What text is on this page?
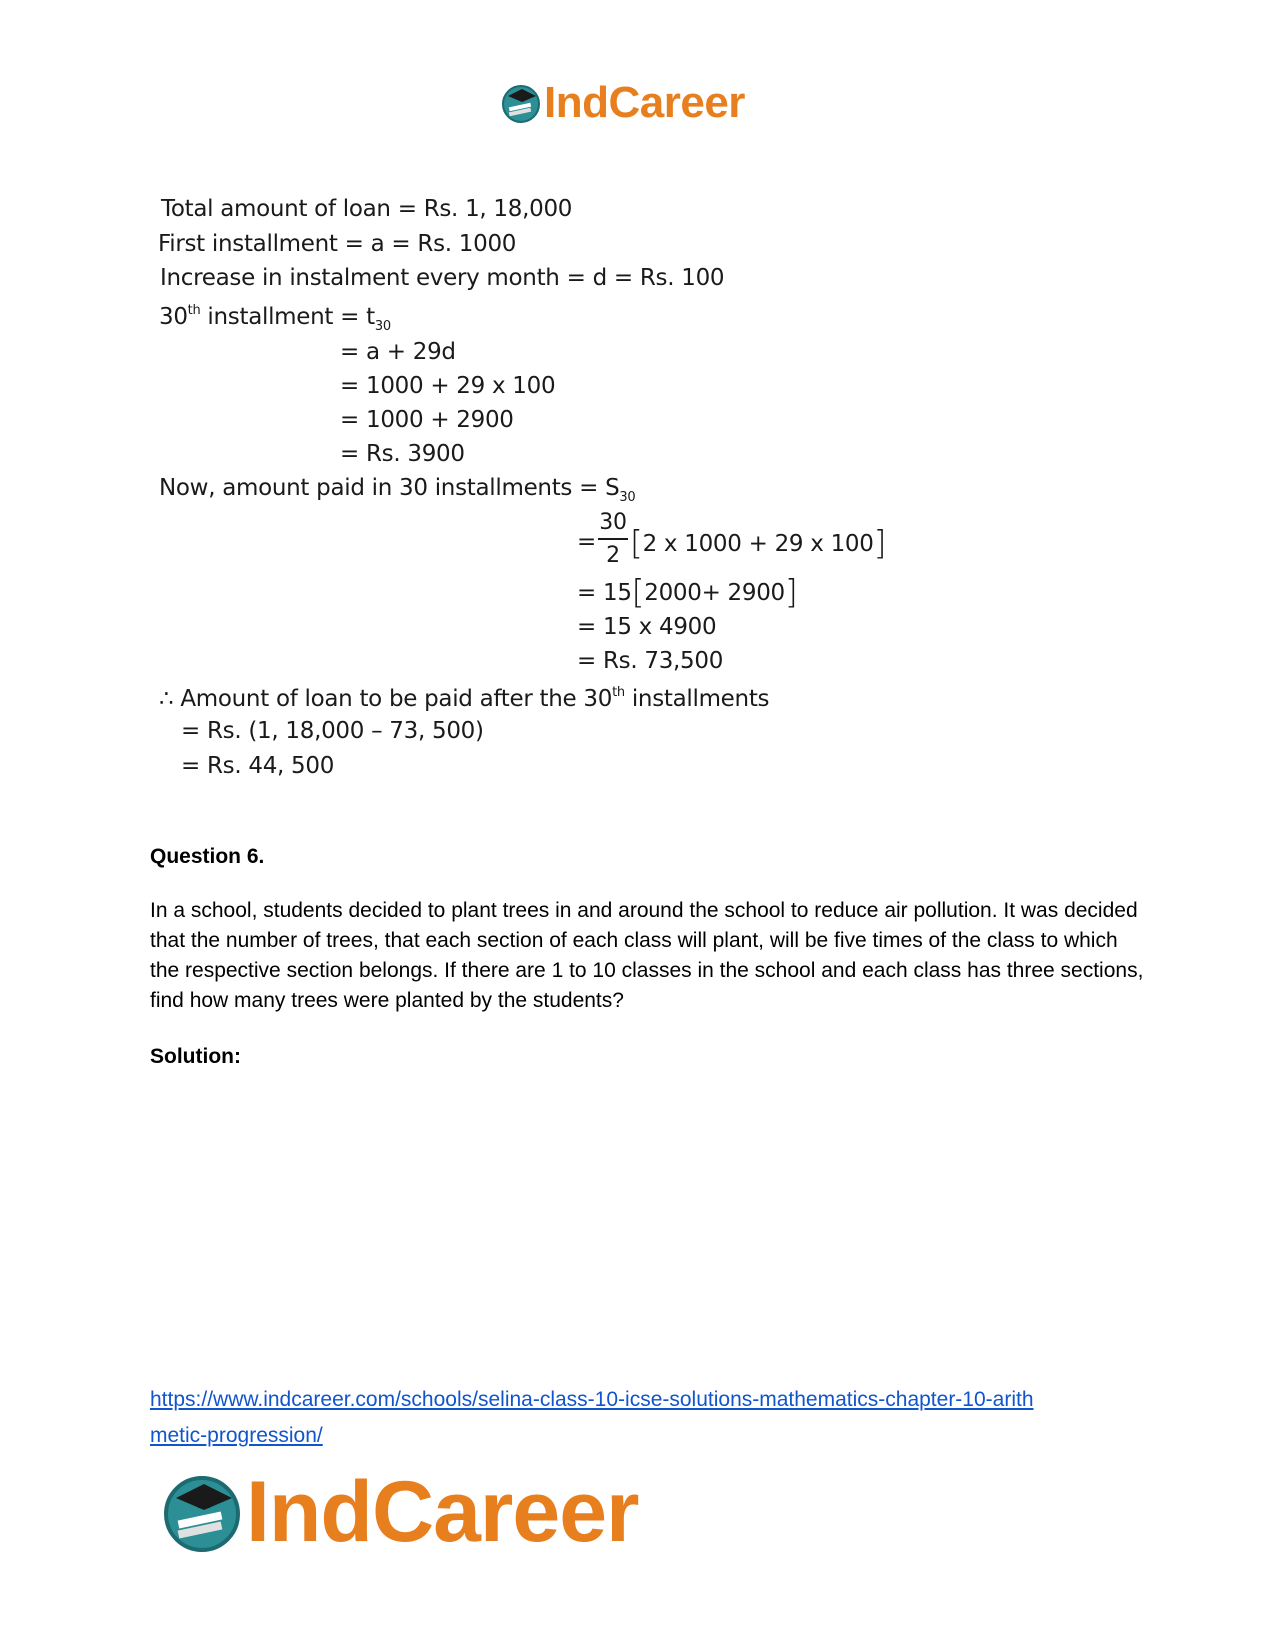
IndCareer
Total amount of loan = Rs. 1, 18,000
First installment = a = Rs. 1000
Increase in instalment every month = d = Rs. 100
30th installment = $t_{30}$
= a + 29d
= 1000 + 29 x 100
= 1000 + 2900
= Rs. 3900
Now, amount paid in 30 installments = $S_{30}$
=
30
2 [2 x 1000 + 29 x 100]
= 15[2000+ 2900]
= 15 x 4900
= Rs. 73,500
∴ Amount of loan to be paid after the 30th installments
= Rs. (1, 18,000 – 73, 500)
= Rs. 44, 500
Question 6.
In a school, students decided to plant trees in and around the school to reduce air pollution. It was decided that the number of trees, that each section of each class will plant, will be five times of the class to which the respective section belongs. If there are 1 to 10 classes in the school and each class has three sections, find how many trees were planted by the students?
Solution:
https://www.indcareer.com/schools/selina-class-10-icse-solutions-mathematics-chapter-10-arith
metic-progression/
IndCareer
